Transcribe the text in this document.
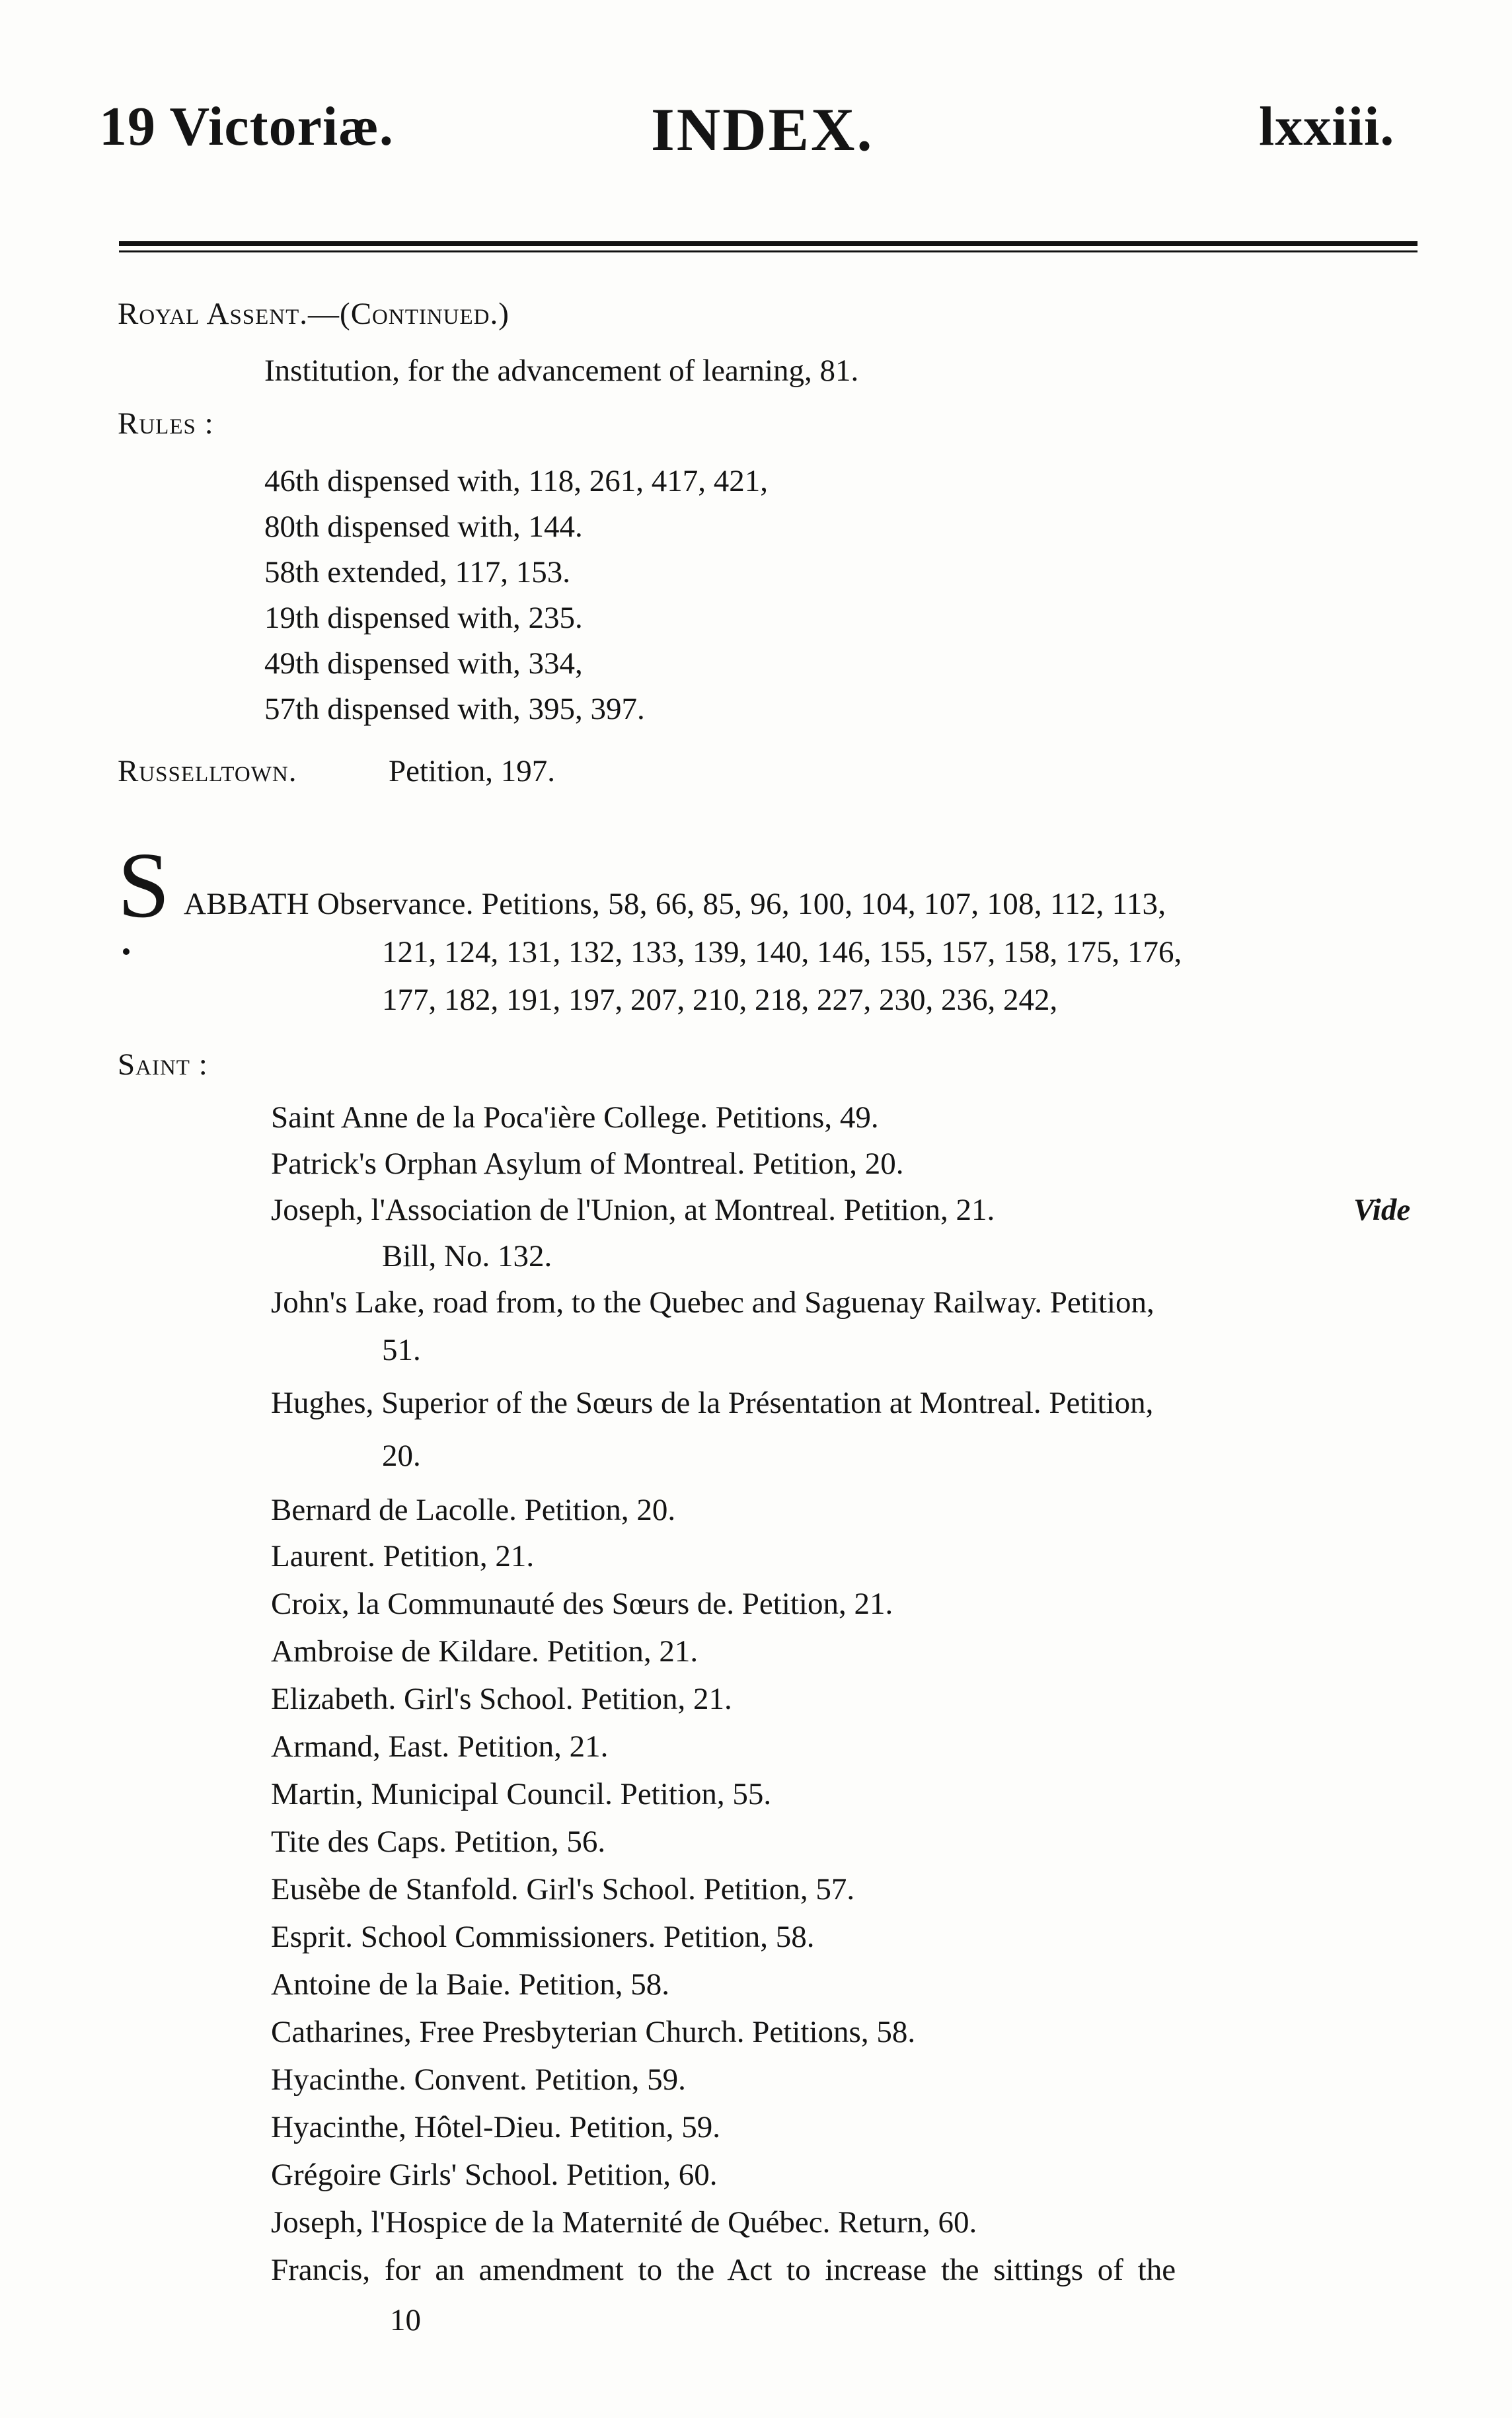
19 Victoriæ.	INDEX.	lxxiii.
Royal Assent.—(Continued.)
Institution, for the advancement of learning, 81.
Rules :
46th dispensed with, 118, 261, 417, 421,
80th dispensed with, 144.
58th extended, 117, 153.
19th dispensed with, 235.
49th dispensed with, 334,
57th dispensed with, 395, 397.
Russelltown.	Petition, 197.
S ABBATH Observance. Petitions, 58, 66, 85, 96, 100, 104, 107, 108, 112, 113,
121, 124, 131, 132, 133, 139, 140, 146, 155, 157, 158, 175, 176,
177, 182, 191, 197, 207, 210, 218, 227, 230, 236, 242,
Saint :
Saint Anne de la Poca'ière College. Petitions, 49.
Patrick's Orphan Asylum of Montreal. Petition, 20.
Joseph, l'Association de l'Union, at Montreal. Petition, 21.	Vide
Bill, No. 132.
John's Lake, road from, to the Quebec and Saguenay Railway. Petition,
51.
Hughes, Superior of the Sœurs de la Présentation at Montreal. Petition,
20.
Bernard de Lacolle. Petition, 20.
Laurent. Petition, 21.
Croix, la Communauté des Sœurs de. Petition, 21.
Ambroise de Kildare. Petition, 21.
Elizabeth. Girl's School. Petition, 21.
Armand, East. Petition, 21.
Martin, Municipal Council. Petition, 55.
Tite des Caps. Petition, 56.
Eusèbe de Stanfold. Girl's School. Petition, 57.
Esprit. School Commissioners. Petition, 58.
Antoine de la Baie. Petition, 58.
Catharines, Free Presbyterian Church. Petitions, 58.
Hyacinthe. Convent. Petition, 59.
Hyacinthe, Hôtel-Dieu. Petition, 59.
Grégoire Girls' School. Petition, 60.
Joseph, l'Hospice de la Maternité de Québec. Return, 60.
Francis, for an amendment to the Act to increase the sittings of the
10
